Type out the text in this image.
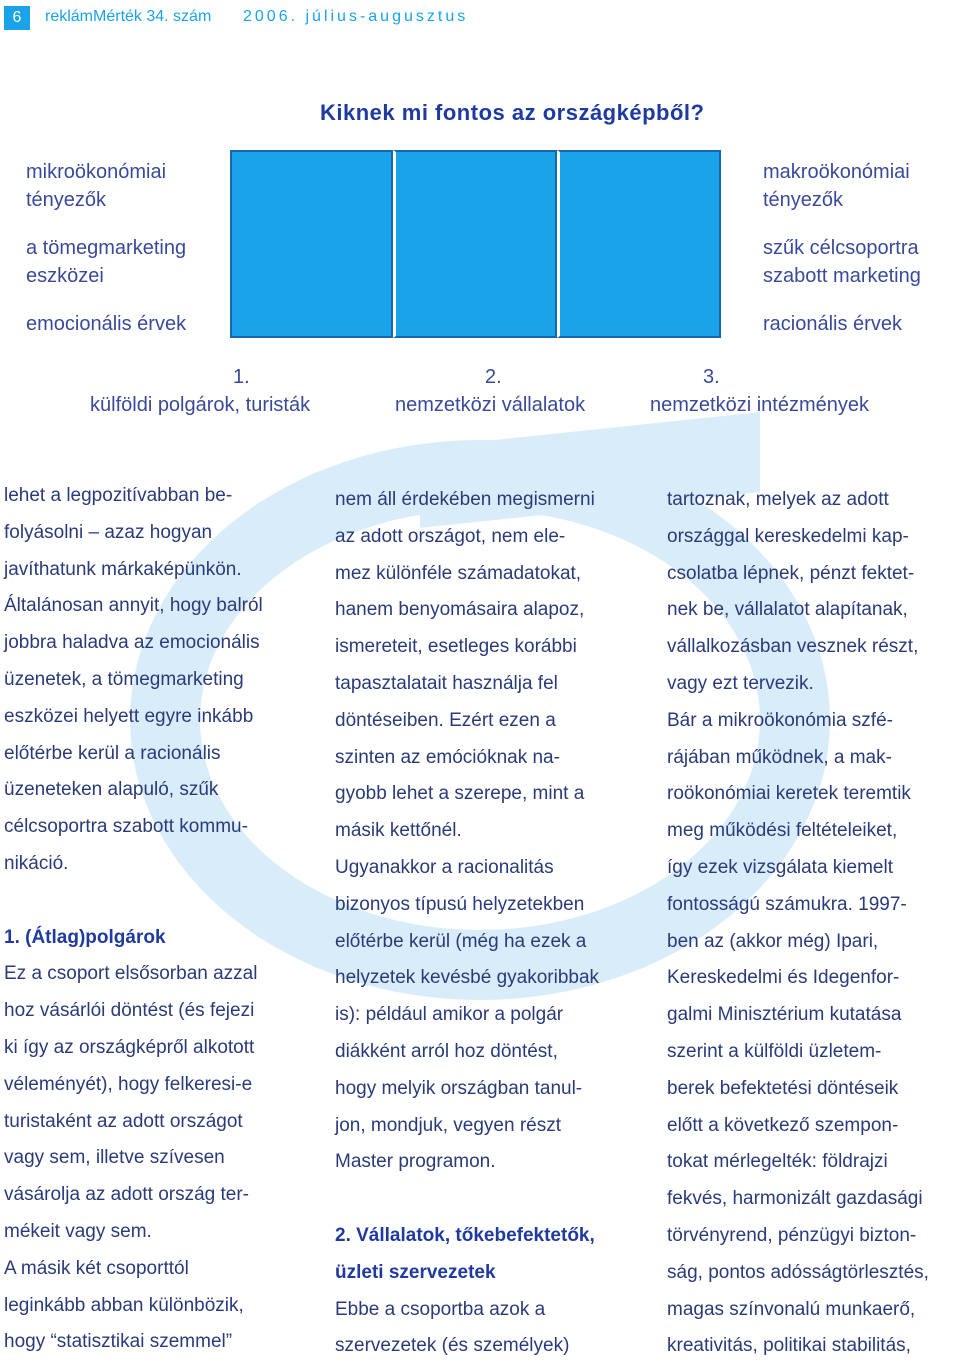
6	reklámMérték 34. szám 2006. július-augusztus
Kiknek mi fontos az országképből?
mikroökonómiai
tényezők
a tömegmarketing
eszközei
emocionális érvek
makroökonómiai
tényezők
szűk célcsoportra
szabott marketing
racionális érvek
1.
külföldi polgárok, turisták
2.
nemzetközi vállalatok
3.
nemzetközi intézmények

lehet a legpozitívabban be-

folyásolni – azaz hogyan

javíthatunk márkaképünkön.

Általánosan annyit, hogy balról

jobbra haladva az emocionális

üzenetek, a tömegmarketing

eszközei helyett egyre inkább

előtérbe kerül a racionális

üzeneteken alapuló, szűk

célcsoportra szabott kommu-

nikáció.

1. (Átlag)polgárok

Ez a csoport elsősorban azzal

hoz vásárlói döntést (és fejezi

ki így az országképről alkotott

véleményét), hogy felkeresi-e

turistaként az adott országot

vagy sem, illetve szívesen

vásárolja az adott ország ter-

mékeit vagy sem.

A másik két csoporttól

leginkább abban különbözik,

hogy “statisztikai szemmel”

nem áll érdekében megismerni

az adott országot, nem ele-

mez különféle számadatokat,

hanem benyomásaira alapoz,

ismereteit, esetleges korábbi

tapasztalatait használja fel

döntéseiben. Ezért ezen a

szinten az emócióknak na-

gyobb lehet a szerepe, mint a

másik kettőnél.

Ugyanakkor a racionalitás

bizonyos típusú helyzetekben

előtérbe kerül (még ha ezek a

helyzetek kevésbé gyakoribbak

is): például amikor a polgár

diákként arról hoz döntést,

hogy melyik országban tanul-

jon, mondjuk, vegyen részt

Master programon.

2. Vállalatok, tőkebefektetők,

üzleti szervezetek

Ebbe a csoportba azok a

szervezetek (és személyek)

tartoznak, melyek az adott

országgal kereskedelmi kap-

csolatba lépnek, pénzt fektet-

nek be, vállalatot alapítanak,

vállalkozásban vesznek részt,

vagy ezt tervezik.

Bár a mikroökonómia szfé-

rájában működnek, a mak-

roökonómiai keretek teremtik

meg működési feltételeiket,

így ezek vizsgálata kiemelt

fontosságú számukra. 1997-

ben az (akkor még) Ipari,

Kereskedelmi és Idegenfor-

galmi Minisztérium kutatása

szerint a külföldi üzletem-

berek befektetési döntéseik

előtt a következő szempon-

tokat mérlegelték: földrajzi

fekvés, harmonizált gazdasági

törvényrend, pénzügyi bizton-

ság, pontos adósságtörlesztés,

magas színvonalú munkaerő,

kreativitás, politikai stabilitás,
